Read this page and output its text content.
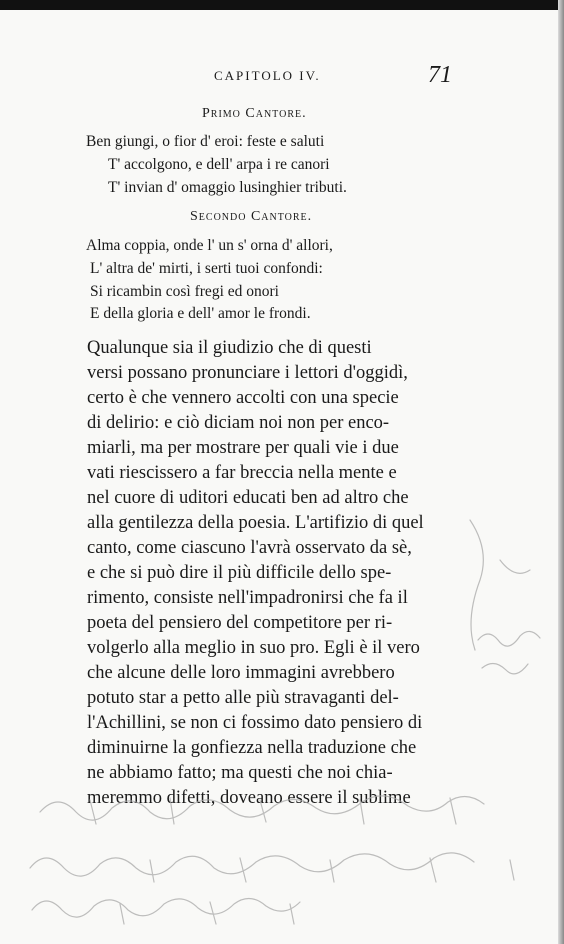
CAPITOLO IV.	71
Primo Cantore.
Ben giungi, o fior d' eroi: feste e saluti
T' accolgono, e dell' arpa i re canori
T' invian d' omaggio lusinghier tributi.
Secondo Cantore.
Alma coppia, onde l' un s' orna d' allori,
L' altra de' mirti, i serti tuoi confondi:
Si ricambin così fregi ed onori
E della gloria e dell' amor le frondi.
Qualunque sia il giudizio che di questi
versi possano pronunciare i lettori d'oggidì,
certo è che vennero accolti con una specie
di delirio: e ciò diciam noi non per enco-
miarli, ma per mostrare per quali vie i due
vati riescissero a far breccia nella mente e
nel cuore di uditori educati ben ad altro che
alla gentilezza della poesia. L'artifizio di quel
canto, come ciascuno l'avrà osservato da sè,
e che si può dire il più difficile dello spe-
rimento, consiste nell'impadronirsi che fa il
poeta del pensiero del competitore per ri-
volgerlo alla meglio in suo pro. Egli è il vero
che alcune delle loro immagini avrebbero
potuto star a petto alle più stravaganti del-
l'Achillini, se non ci fossimo dato pensiero di
diminuirne la gonfiezza nella traduzione che
ne abbiamo fatto; ma questi che noi chia-
meremmo difetti, doveano essere il sublime
